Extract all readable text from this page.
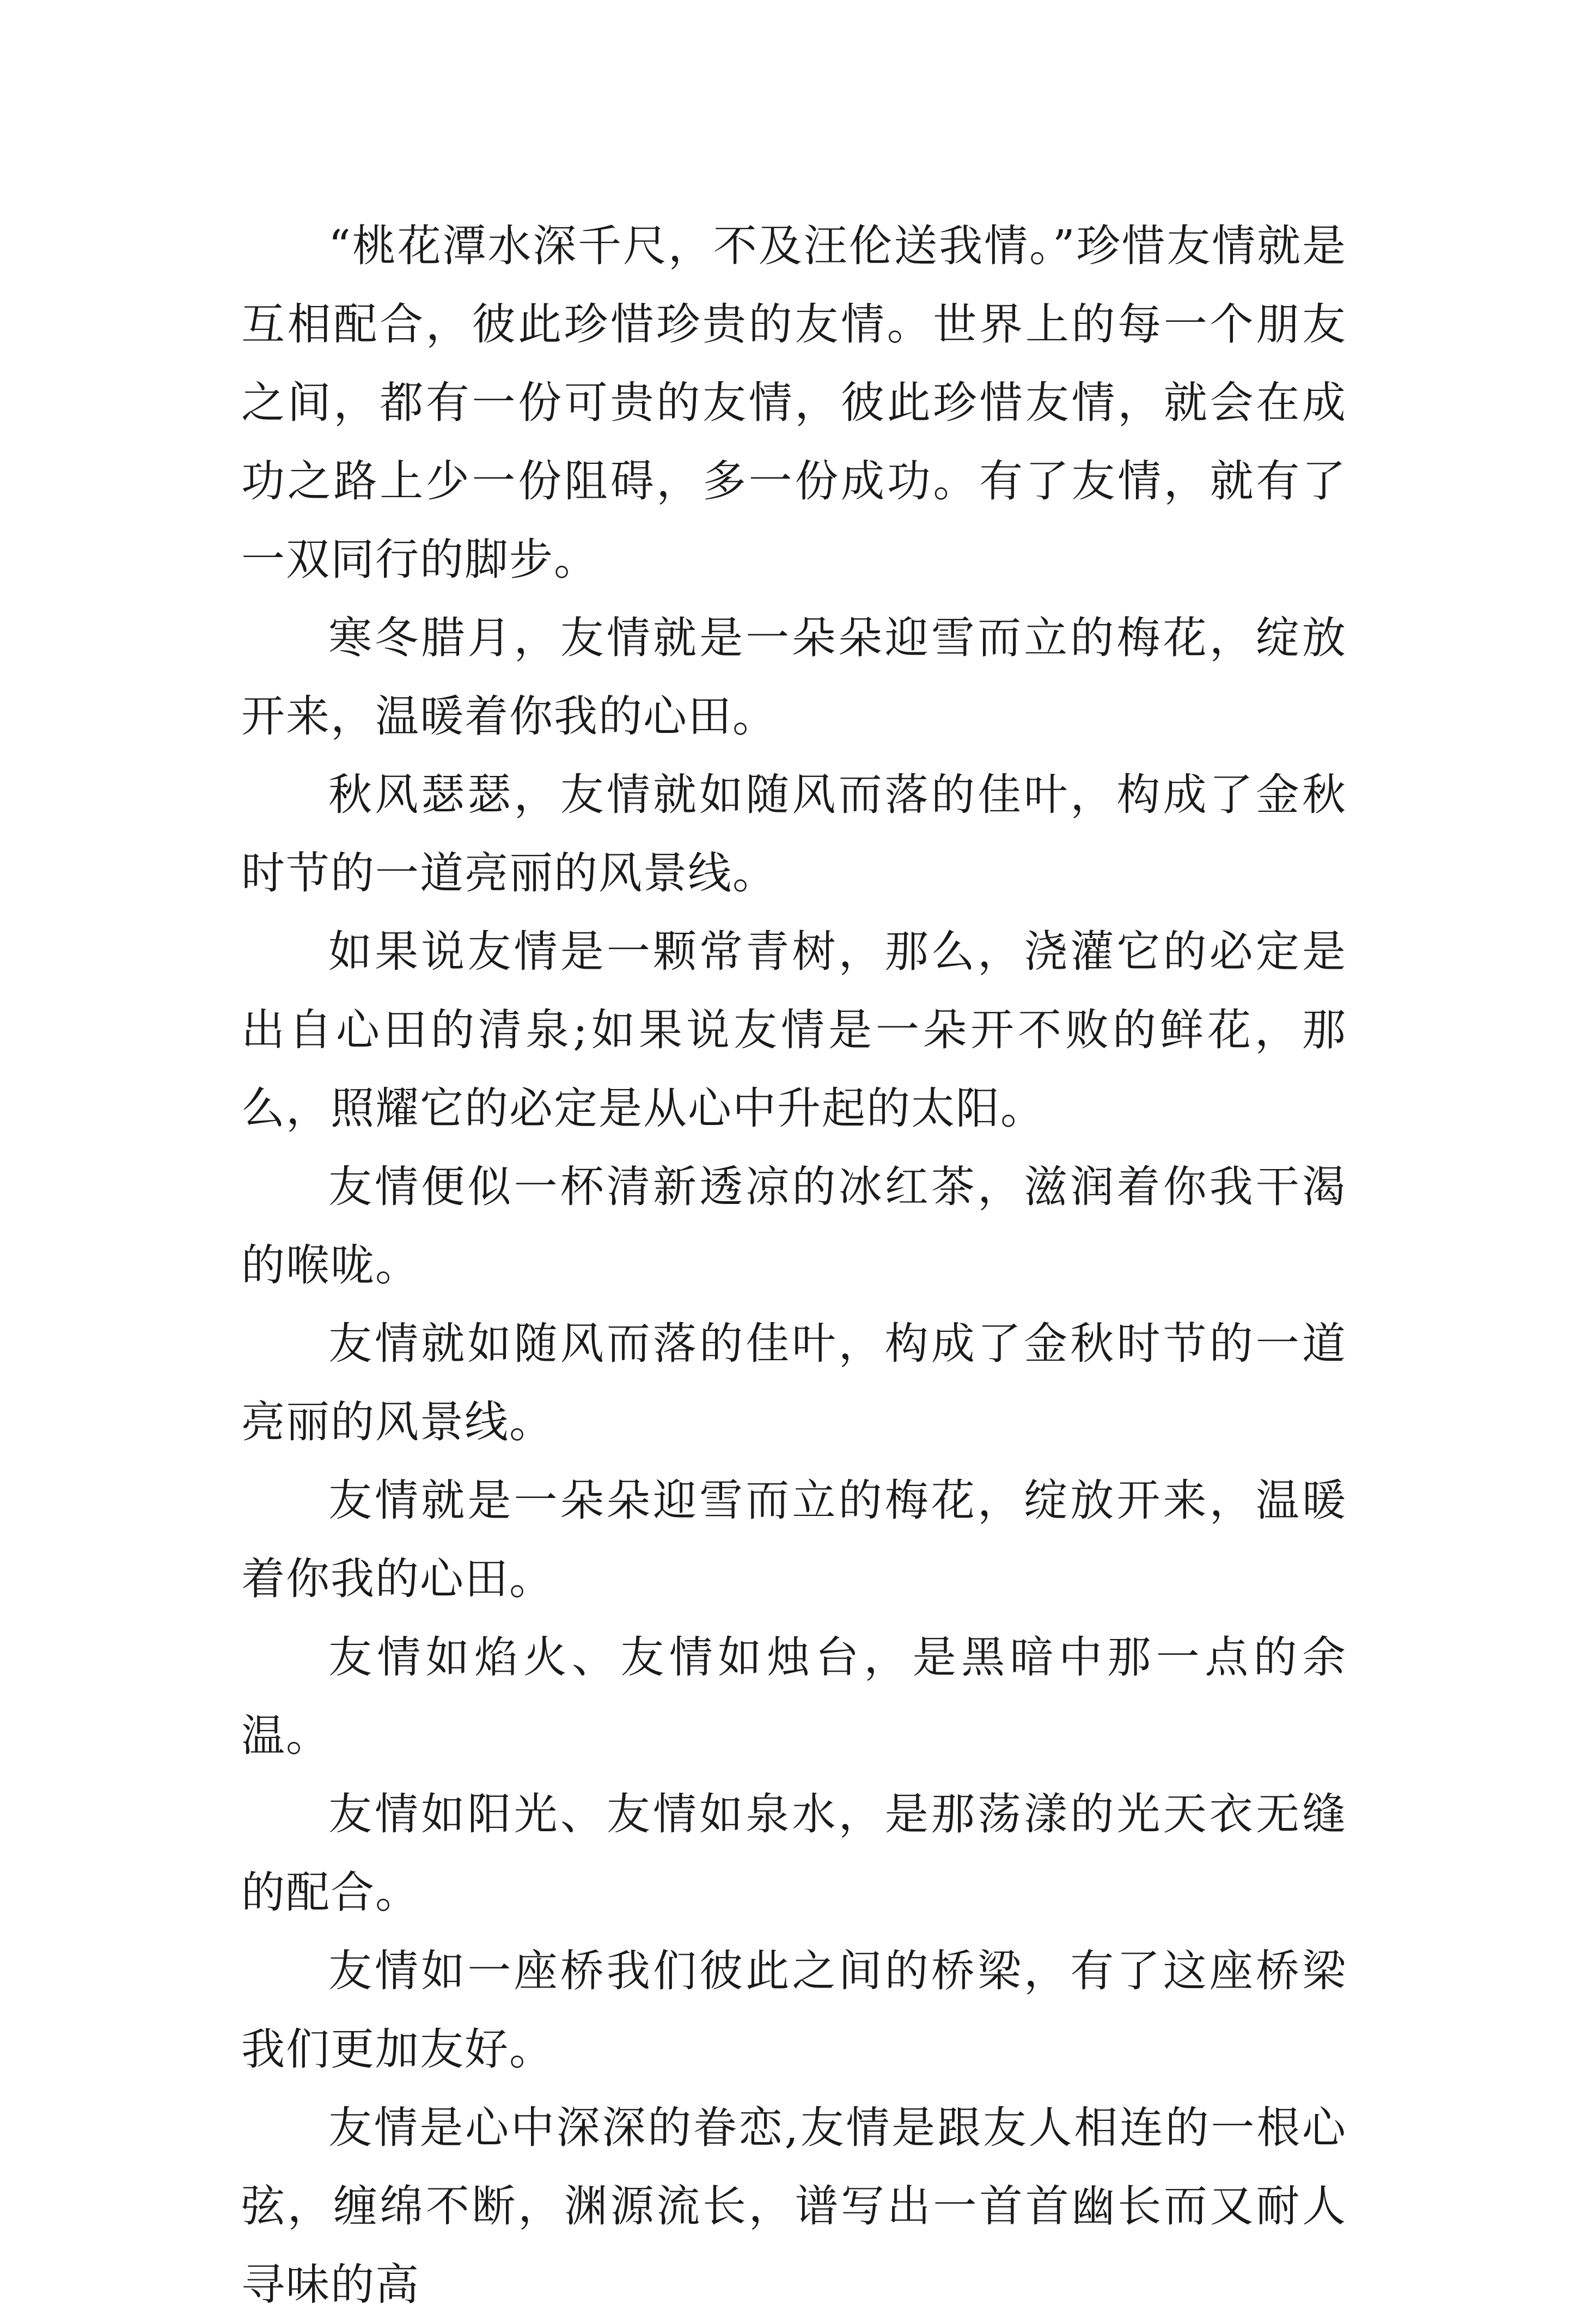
“桃花潭水深千尺，不及汪伦送我情。”珍惜友情就是互相配合，彼此珍惜珍贵的友情。世界上的每一个朋友之间，都有一份可贵的友情，彼此珍惜友情，就会在成功之路上少一份阻碍，多一份成功。有了友情，就有了一双同行的脚步。

寒冬腊月，友情就是一朵朵迎雪而立的梅花，绽放开来，温暖着你我的心田。

秋风瑟瑟，友情就如随风而落的佳叶，构成了金秋时节的一道亮丽的风景线。

如果说友情是一颗常青树，那么，浇灌它的必定是出自心田的清泉;如果说友情是一朵开不败的鲜花，那么，照耀它的必定是从心中升起的太阳。

友情便似一杯清新透凉的冰红茶，滋润着你我干渴的喉咙。

友情就如随风而落的佳叶，构成了金秋时节的一道亮丽的风景线。

友情就是一朵朵迎雪而立的梅花，绽放开来，温暖着你我的心田。

友情如焰火、友情如烛台，是黑暗中那一点的余温。

友情如阳光、友情如泉水，是那荡漾的光天衣无缝的配合。

友情如一座桥我们彼此之间的桥梁，有了这座桥梁我们更加友好。

友情是心中深深的眷恋,友情是跟友人相连的一根心弦，缠绵不断，渊源流长，谱写出一首首幽长而又耐人寻味的高
